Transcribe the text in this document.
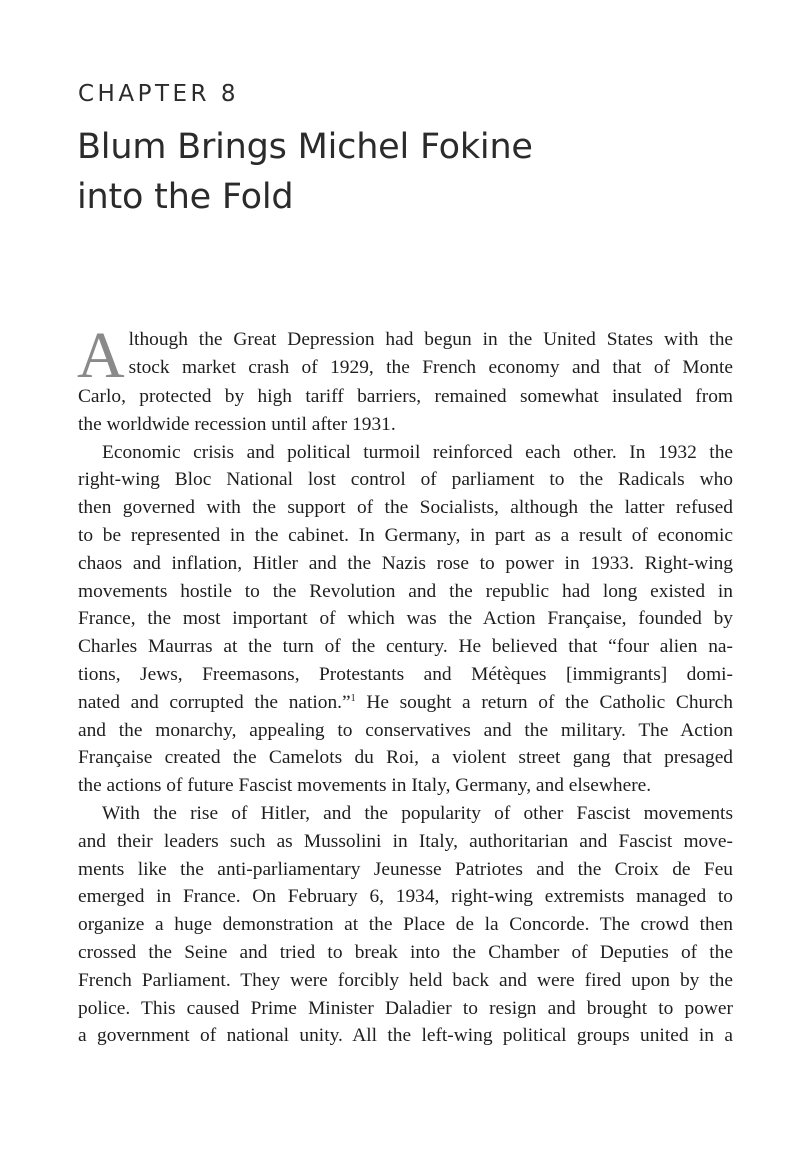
CHAPTER 8
Blum Brings Michel Fokine
into the Fold
A lthough the Great Depression had begun in the United States with the
stock market crash of 1929, the French economy and that of Monte
Carlo, protected by high tariff barriers, remained somewhat insulated from
the worldwide recession until after 1931.
Economic crisis and political turmoil reinforced each other. In 1932 the
right-wing Bloc National lost control of parliament to the Radicals who
then governed with the support of the Socialists, although the latter refused
to be represented in the cabinet. In Germany, in part as a result of economic
chaos and inflation, Hitler and the Nazis rose to power in 1933. Right-wing
movements hostile to the Revolution and the republic had long existed in
France, the most important of which was the Action Française, founded by
Charles Maurras at the turn of the century. He believed that “four alien na-
tions, Jews, Freemasons, Protestants and Métèques [immigrants] domi-
nated and corrupted the nation.”$^1$ He sought a return of the Catholic Church
and the monarchy, appealing to conservatives and the military. The Action
Française created the Camelots du Roi, a violent street gang that presaged
the actions of future Fascist movements in Italy, Germany, and elsewhere.
With the rise of Hitler, and the popularity of other Fascist movements
and their leaders such as Mussolini in Italy, authoritarian and Fascist move-
ments like the anti-parliamentary Jeunesse Patriotes and the Croix de Feu
emerged in France. On February 6, 1934, right-wing extremists managed to
organize a huge demonstration at the Place de la Concorde. The crowd then
crossed the Seine and tried to break into the Chamber of Deputies of the
French Parliament. They were forcibly held back and were fired upon by the
police. This caused Prime Minister Daladier to resign and brought to power
a government of national unity. All the left-wing political groups united in a
